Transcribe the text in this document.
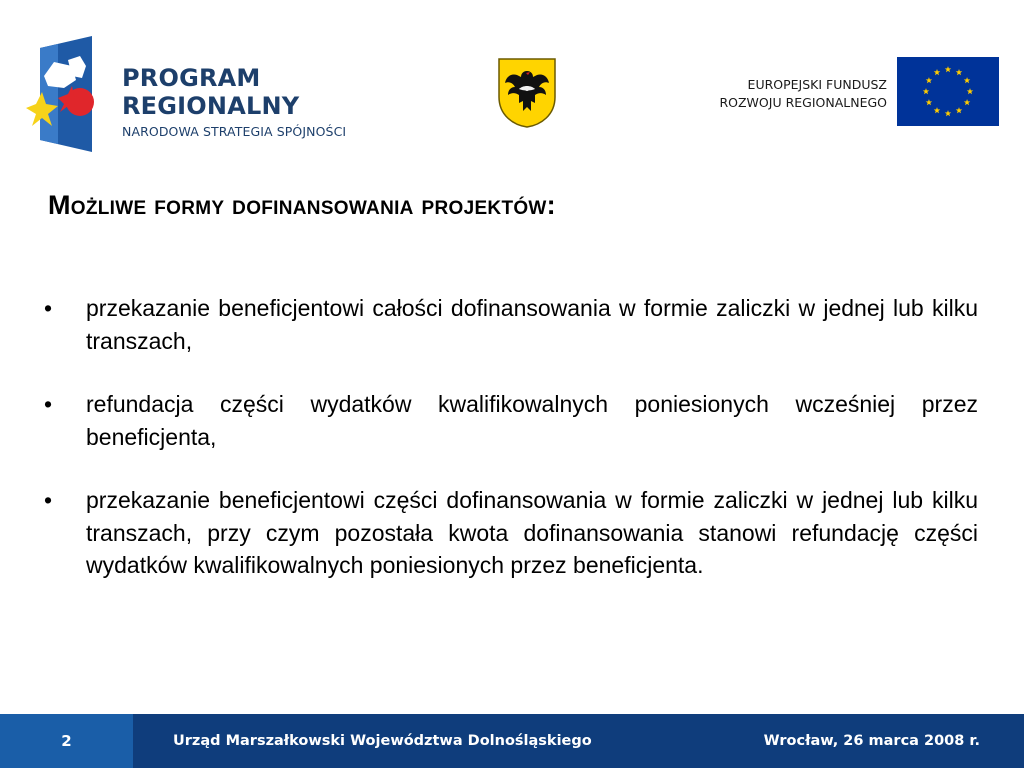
PROGRAM
REGIONALNY
NARODOWA STRATEGIA SPÓJNOŚCI
EUROPEJSKI FUNDUSZ
ROZWOJU REGIONALNEGO
Możliwe formy dofinansowania projektów:
• przekazanie beneficjentowi całości dofinansowania w formie zaliczki w jednej lub kilku transzach,
• refundacja części wydatków kwalifikowalnych poniesionych wcześniej przez beneficjenta,
• przekazanie beneficjentowi części dofinansowania w formie zaliczki w jednej lub kilku transzach, przy czym pozostała kwota dofinansowania stanowi refundację części wydatków kwalifikowalnych poniesionych przez beneficjenta.
2	Urząd Marszałkowski Województwa Dolnośląskiego	Wrocław, 26 marca 2008 r.
